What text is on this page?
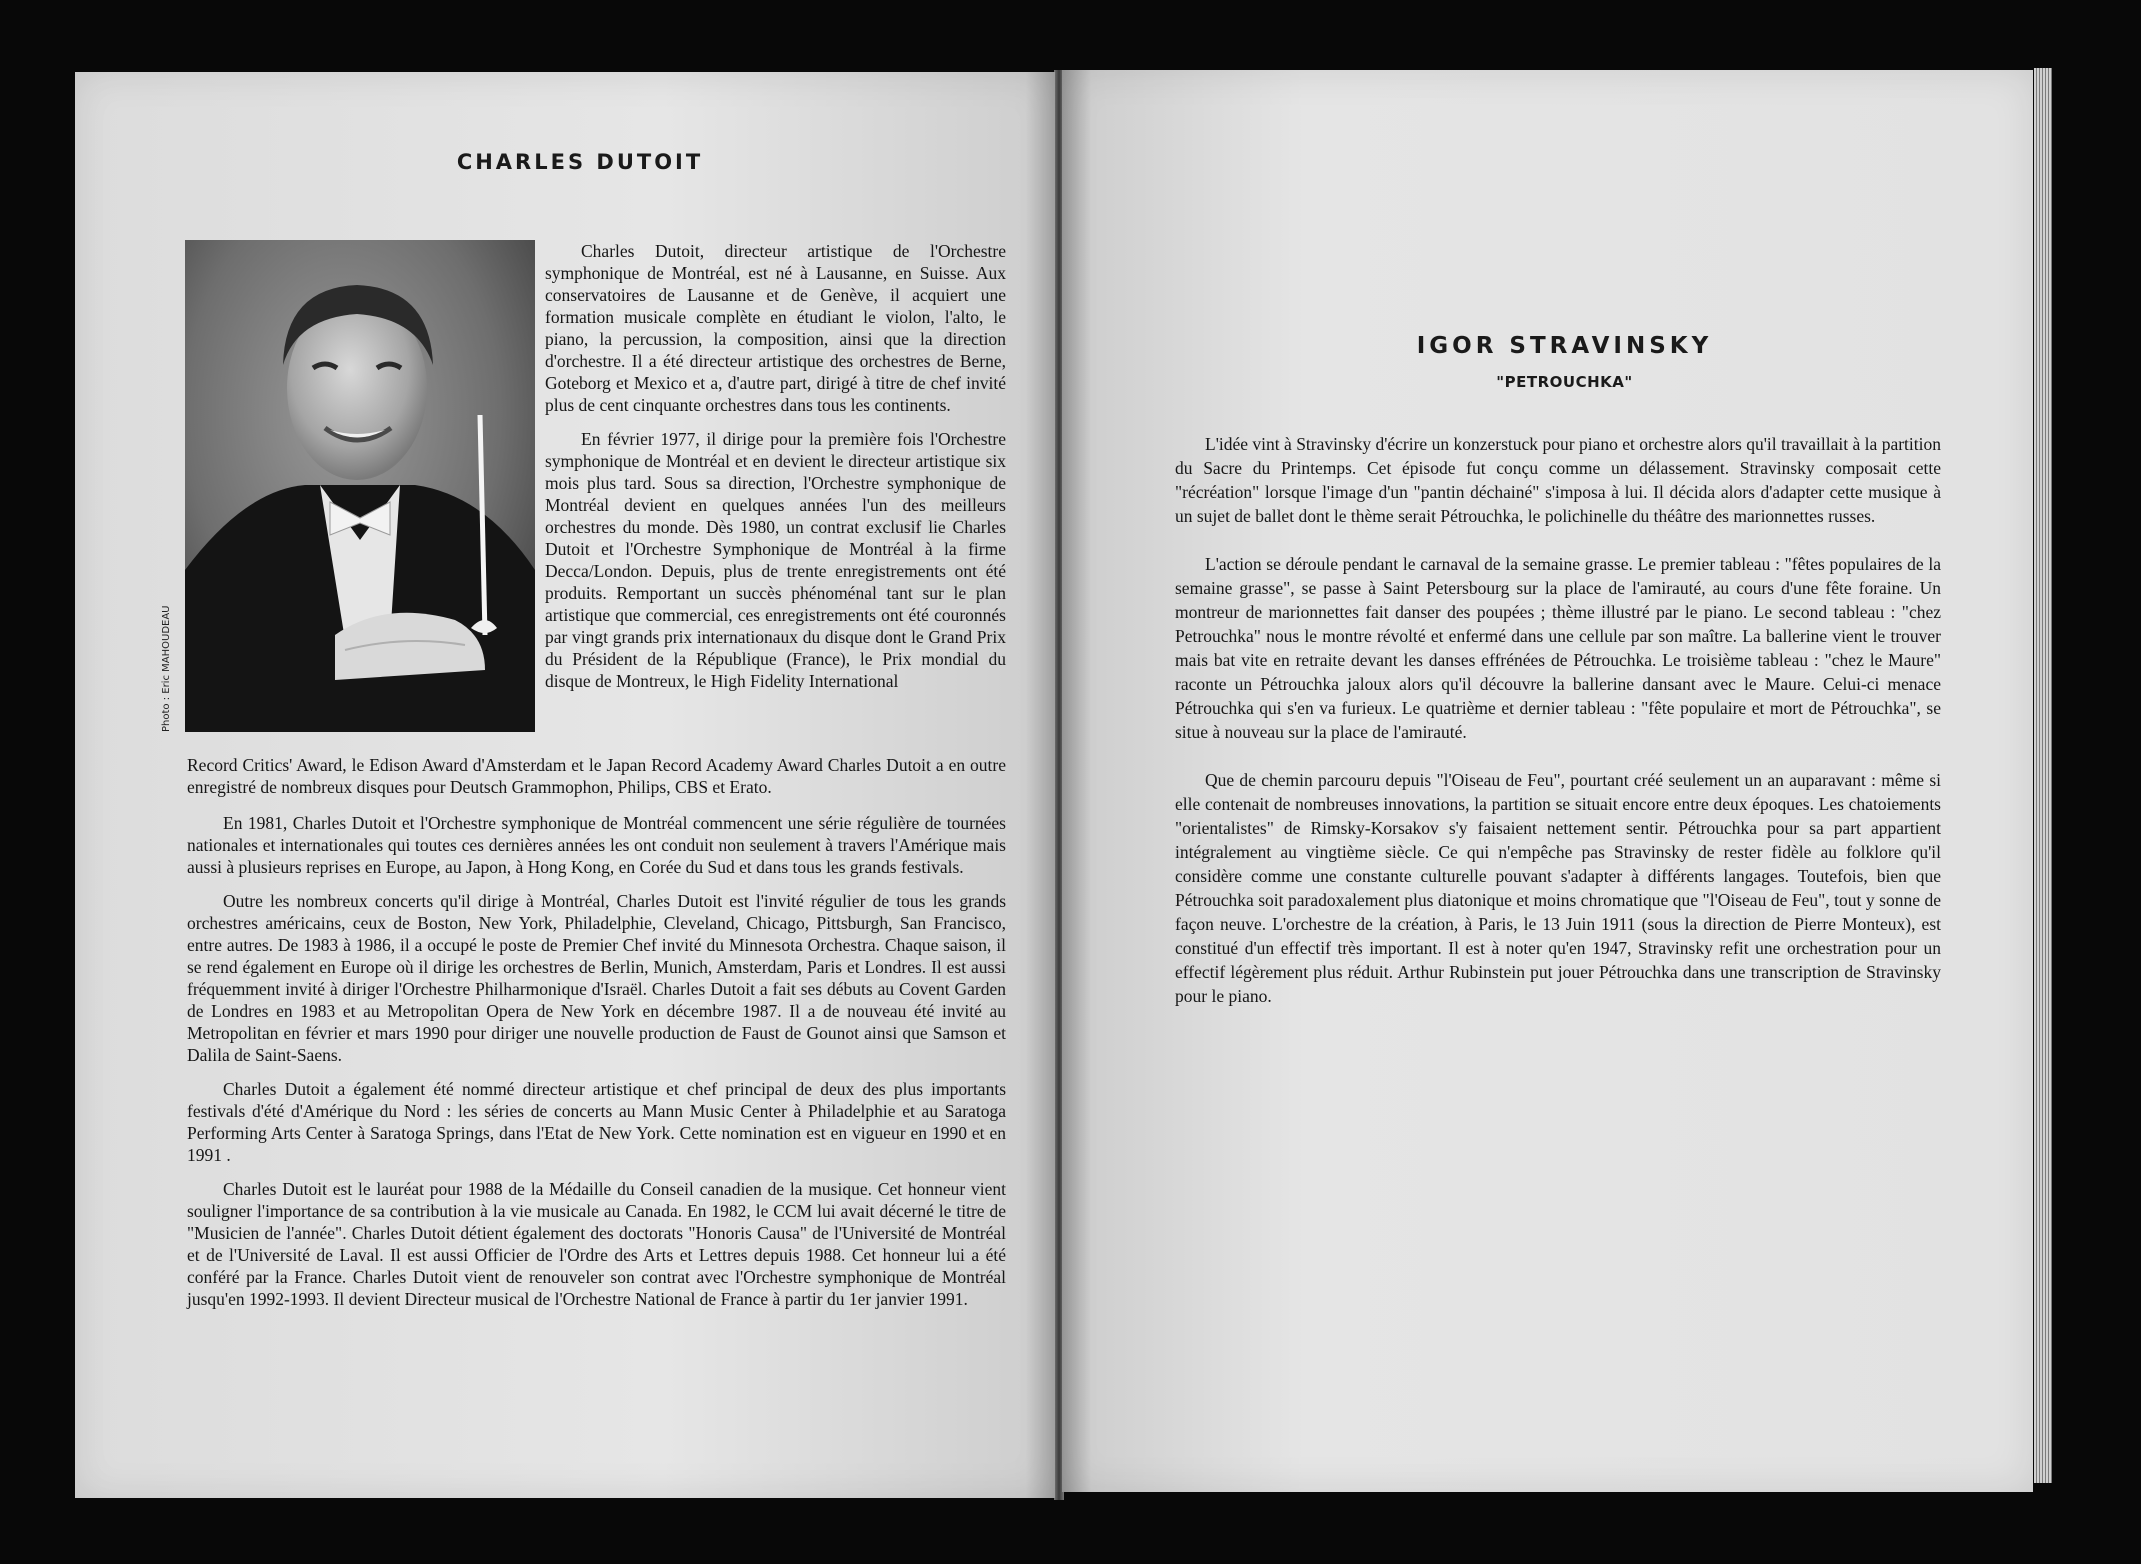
CHARLES DUTOIT
Photo : Eric MAHOUDEAU

Charles Dutoit, directeur artistique de l'Orchestre symphonique de Montréal, est né à Lausanne, en Suisse. Aux conservatoires de Lausanne et de Genève, il acquiert une formation musicale complète en étudiant le violon, l'alto, le piano, la percussion, la composition, ainsi que la direction d'orchestre. Il a été directeur artistique des orchestres de Berne, Goteborg et Mexico et a, d'autre part, dirigé à titre de chef invité plus de cent cinquante orchestres dans tous les continents.

En février 1977, il dirige pour la première fois l'Orchestre symphonique de Montréal et en devient le directeur artistique six mois plus tard. Sous sa direction, l'Orchestre symphonique de Montréal devient en quelques années l'un des meilleurs orchestres du monde. Dès 1980, un contrat exclusif lie Charles Dutoit et l'Orchestre Symphonique de Montréal à la firme Decca/London. Depuis, plus de trente enregistrements ont été produits. Remportant un succès phénoménal tant sur le plan artistique que commercial, ces enregistrements ont été couronnés par vingt grands prix internationaux du disque dont le Grand Prix du Président de la République (France), le Prix mondial du disque de Montreux, le High Fidelity International

Record Critics' Award, le Edison Award d'Amsterdam et le Japan Record Academy Award Charles Dutoit a en outre enregistré de nombreux disques pour Deutsch Grammophon, Philips, CBS et Erato.

En 1981, Charles Dutoit et l'Orchestre symphonique de Montréal commencent une série régulière de tournées nationales et internationales qui toutes ces dernières années les ont conduit non seulement à travers l'Amérique mais aussi à plusieurs reprises en Europe, au Japon, à Hong Kong, en Corée du Sud et dans tous les grands festivals.

Outre les nombreux concerts qu'il dirige à Montréal, Charles Dutoit est l'invité régulier de tous les grands orchestres américains, ceux de Boston, New York, Philadelphie, Cleveland, Chicago, Pittsburgh, San Francisco, entre autres. De 1983 à 1986, il a occupé le poste de Premier Chef invité du Minnesota Orchestra. Chaque saison, il se rend également en Europe où il dirige les orchestres de Berlin, Munich, Amsterdam, Paris et Londres. Il est aussi fréquemment invité à diriger l'Orchestre Philharmonique d'Israël. Charles Dutoit a fait ses débuts au Covent Garden de Londres en 1983 et au Metropolitan Opera de New York en décembre 1987. Il a de nouveau été invité au Metropolitan en février et mars 1990 pour diriger une nouvelle production de Faust de Gounot ainsi que Samson et Dalila de Saint-Saens.

Charles Dutoit a également été nommé directeur artistique et chef principal de deux des plus importants festivals d'été d'Amérique du Nord : les séries de concerts au Mann Music Center à Philadelphie et au Saratoga Performing Arts Center à Saratoga Springs, dans l'Etat de New York. Cette nomination est en vigueur en 1990 et en 1991 .

Charles Dutoit est le lauréat pour 1988 de la Médaille du Conseil canadien de la musique. Cet honneur vient souligner l'importance de sa contribution à la vie musicale au Canada. En 1982, le CCM lui avait décerné le titre de "Musicien de l'année". Charles Dutoit détient également des doctorats "Honoris Causa" de l'Université de Montréal et de l'Université de Laval. Il est aussi Officier de l'Ordre des Arts et Lettres depuis 1988. Cet honneur lui a été conféré par la France. Charles Dutoit vient de renouveler son contrat avec l'Orchestre symphonique de Montréal jusqu'en 1992-1993. Il devient Directeur musical de l'Orchestre National de France à partir du 1er janvier 1991.

IGOR STRAVINSKY
"PETROUCHKA"

L'idée vint à Stravinsky d'écrire un konzerstuck pour piano et orchestre alors qu'il travaillait à la partition du Sacre du Printemps. Cet épisode fut conçu comme un délassement. Stravinsky composait cette "récréation" lorsque l'image d'un "pantin déchainé" s'imposa à lui. Il décida alors d'adapter cette musique à un sujet de ballet dont le thème serait Pétrouchka, le polichinelle du théâtre des marionnettes russes.

L'action se déroule pendant le carnaval de la semaine grasse. Le premier tableau : "fêtes populaires de la semaine grasse", se passe à Saint Petersbourg sur la place de l'amirauté, au cours d'une fête foraine. Un montreur de marionnettes fait danser des poupées ; thème illustré par le piano. Le second tableau : "chez Petrouchka" nous le montre révolté et enfermé dans une cellule par son maître. La ballerine vient le trouver mais bat vite en retraite devant les danses effrénées de Pétrouchka. Le troisième tableau : "chez le Maure" raconte un Pétrouchka jaloux alors qu'il découvre la ballerine dansant avec le Maure. Celui-ci menace Pétrouchka qui s'en va furieux. Le quatrième et dernier tableau : "fête populaire et mort de Pétrouchka", se situe à nouveau sur la place de l'amirauté.

Que de chemin parcouru depuis "l'Oiseau de Feu", pourtant créé seulement un an auparavant : même si elle contenait de nombreuses innovations, la partition se situait encore entre deux époques. Les chatoiements "orientalistes" de Rimsky-Korsakov s'y faisaient nettement sentir. Pétrouchka pour sa part appartient intégralement au vingtième siècle. Ce qui n'empêche pas Stravinsky de rester fidèle au folklore qu'il considère comme une constante culturelle pouvant s'adapter à différents langages. Toutefois, bien que Pétrouchka soit paradoxalement plus diatonique et moins chromatique que "l'Oiseau de Feu", tout y sonne de façon neuve. L'orchestre de la création, à Paris, le 13 Juin 1911 (sous la direction de Pierre Monteux), est constitué d'un effectif très important. Il est à noter qu'en 1947, Stravinsky refit une orchestration pour un effectif légèrement plus réduit. Arthur Rubinstein put jouer Pétrouchka dans une transcription de Stravinsky pour le piano.
